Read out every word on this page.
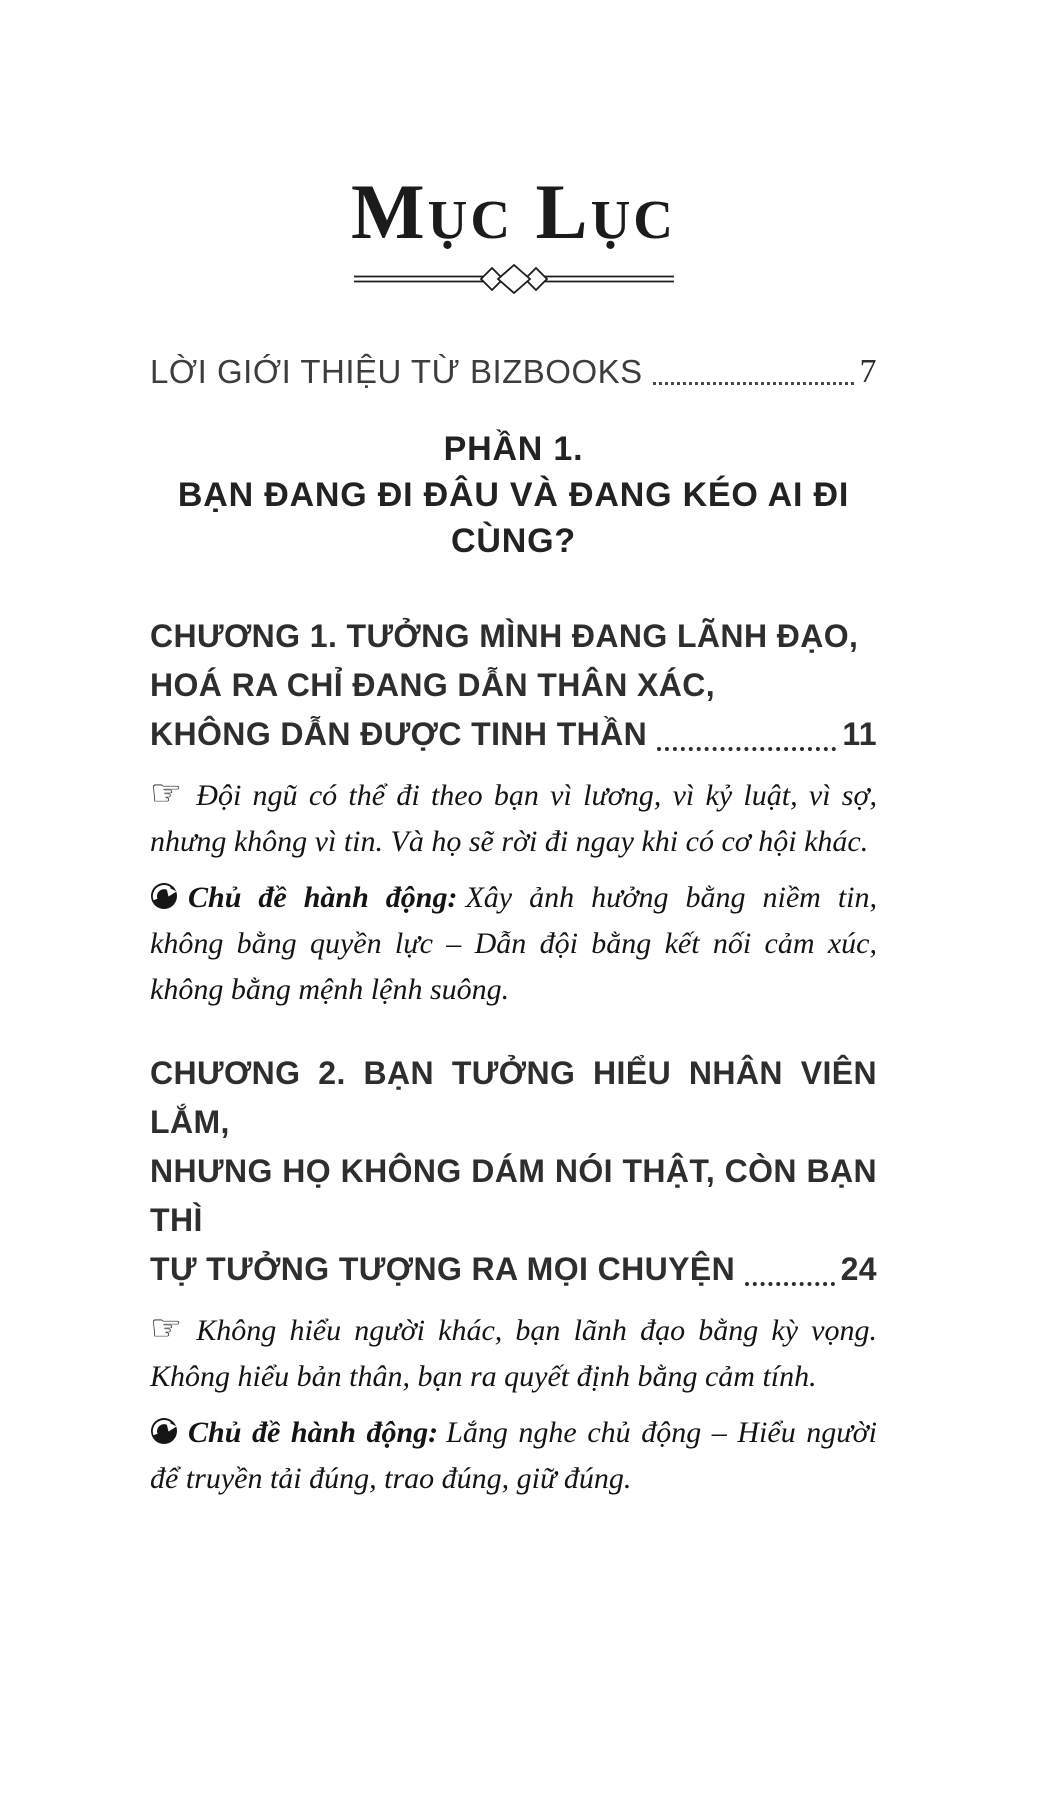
Mục Lục
LỜI GIỚI THIỆU TỪ BIZBOOKS	7
PHẦN 1.
BẠN ĐANG ĐI ĐÂU VÀ ĐANG KÉO AI ĐI CÙNG?
CHƯƠNG 1. TƯỞNG MÌNH ĐANG LÃNH ĐẠO,
HOÁ RA CHỈ ĐANG DẪN THÂN XÁC,
KHÔNG DẪN ĐƯỢC TINH THẦN	11

☞ Đội ngũ có thể đi theo bạn vì lương, vì kỷ luật, vì sợ, nhưng không vì tin. Và họ sẽ rời đi ngay khi có cơ hội khác.

Chủ đề hành động: Xây ảnh hưởng bằng niềm tin, không bằng quyền lực – Dẫn đội bằng kết nối cảm xúc, không bằng mệnh lệnh suông.

CHƯƠNG 2. BẠN TƯỞNG HIỂU NHÂN VIÊN LẮM,
NHƯNG HỌ KHÔNG DÁM NÓI THẬT, CÒN BẠN THÌ
TỰ TƯỞNG TƯỢNG RA MỌI CHUYỆN	24

☞ Không hiểu người khác, bạn lãnh đạo bằng kỳ vọng. Không hiểu bản thân, bạn ra quyết định bằng cảm tính.

Chủ đề hành động: Lắng nghe chủ động – Hiểu người để truyền tải đúng, trao đúng, giữ đúng.
